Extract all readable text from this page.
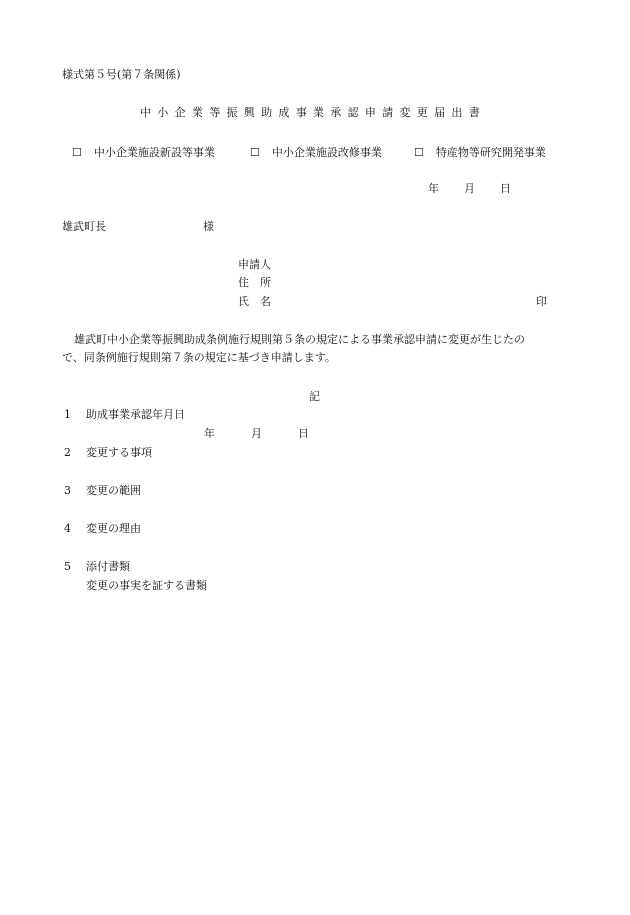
様式第５号(第７条関係)
中小企業等振興助成事業承認申請変更届出書
☐ 中小企業施設新設等事業	☐ 中小企業施設改修事業	☐ 特産物等研究開発事業
年 月 日
雄武町長	様
申請人
住　所
氏　名	印
雄武町中小企業等振興助成条例施行規則第５条の規定による事業承認申請に変更が生じたの
で、同条例施行規則第７条の規定に基づき申請します。
記
1 助成事業承認年月日
年	月	日
2 変更する事項
3 変更の範囲
4 変更の理由
5 添付書類
変更の事実を証する書類
